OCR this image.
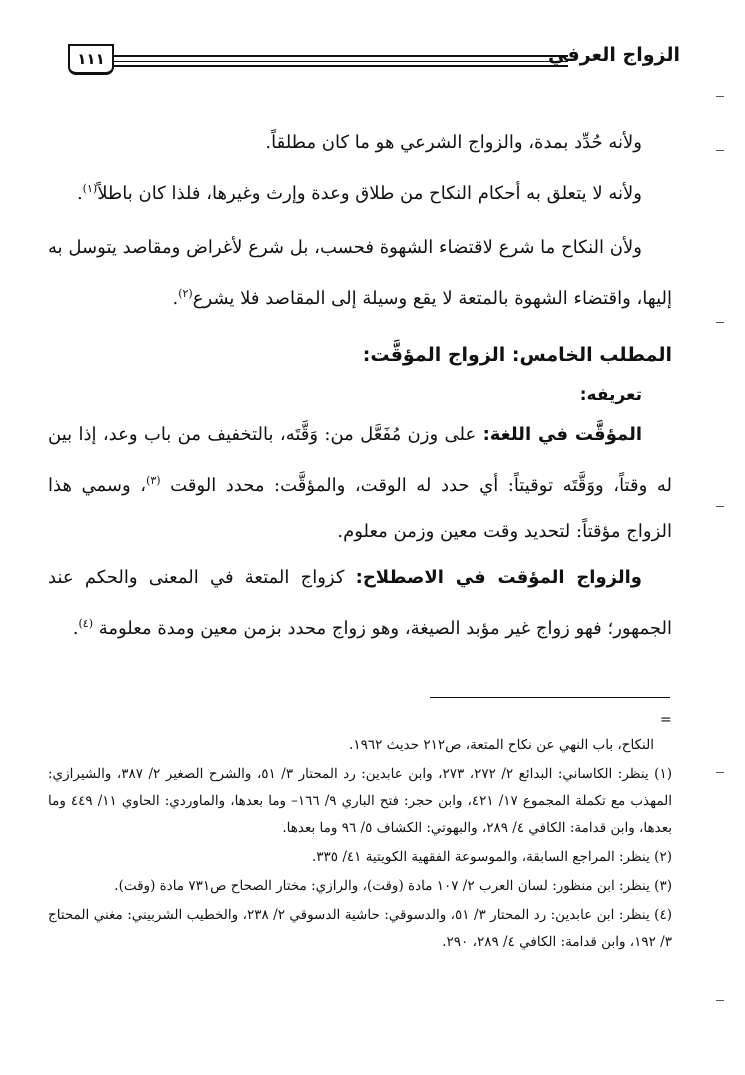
الزواج العرفي
١١١

ولأنه حُدِّد بمدة، والزواج الشرعي هو ما كان مطلقاً.

ولأنه لا يتعلق به أحكام النكاح من طلاق وعدة وإرث وغيرها، فلذا كان باطلاً$^{(١)}$.

ولأن النكاح ما شرع لاقتضاء الشهوة فحسب، بل شرع لأغراض ومقاصد يتوسل به إليها، واقتضاء الشهوة بالمتعة لا يقع وسيلة إلى المقاصد فلا يشرع$^{(٢)}$.

المطلب الخامس: الزواج المؤقَّت:
تعريفه:

المؤقَّت في اللغة: على وزن مُفَعَّل من: وَقَّتَه، بالتخفيف من باب وعد، إذا بين له وقتاً، ووَقَّتَه توقيتاً: أي حدد له الوقت، والمؤقَّت: محدد الوقت $^{(٣)}$، وسمي هذا الزواج مؤقتاً: لتحديد وقت معين وزمن معلوم.

والزواج المؤقت في الاصطلاح: كزواج المتعة في المعنى والحكم عند الجمهور؛ فهو زواج غير مؤبد الصيغة، وهو زواج محدد بزمن معين ومدة معلومة $^{(٤)}$.

=

النكاح، باب النهي عن نكاح المتعة، ص٢١٢ حديث ١٩٦٢.

(١) ينظر: الكاساني: البدائع ٢/ ٢٧٢، ٢٧٣، وابن عابدين: رد المحتار ٣/ ٥١، والشرح الصغير ٢/ ٣٨٧، والشيرازي: المهذب مع تكملة المجموع ١٧/ ٤٢١، وابن حجر: فتح الباري ٩/ ١٦٦– وما بعدها، والماوردي: الحاوي ١١/ ٤٤٩ وما بعدها، وابن قدامة: الكافي ٤/ ٢٨٩، والبهوتي: الكشاف ٥/ ٩٦ وما بعدها.

(٢) ينظر: المراجع السابقة، والموسوعة الفقهية الكويتية ٤١/ ٣٣٥.

(٣) ينظر: ابن منظور: لسان العرب ٢/ ١٠٧ مادة (وقت)، والرازي: مختار الصحاح ص٧٣١ مادة (وقت).

(٤) ينظر: ابن عابدين: رد المحتار ٣/ ٥١، والدسوقي: حاشية الدسوقي ٢/ ٢٣٨، والخطيب الشربيني: مغني المحتاج ٣/ ١٩٢، وابن قدامة: الكافي ٤/ ٢٨٩، ٢٩٠.
